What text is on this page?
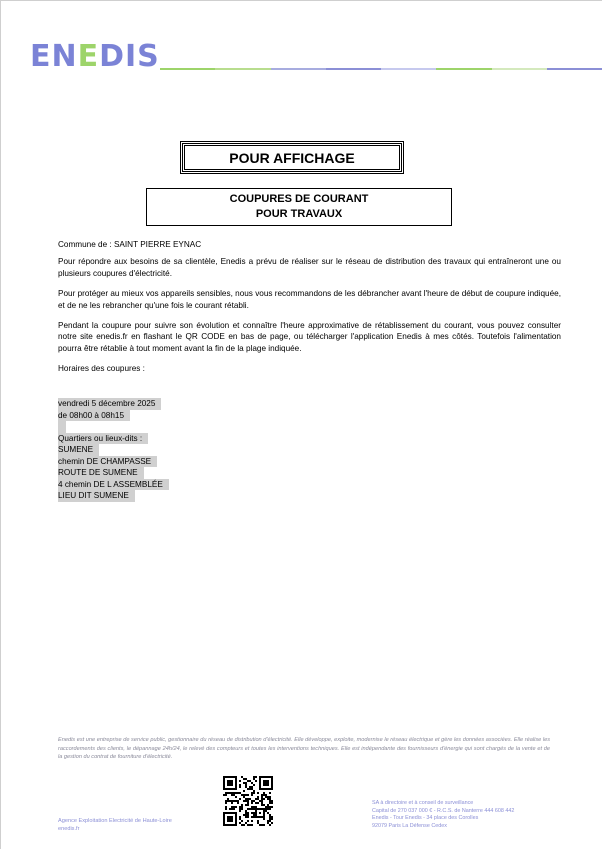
ENEDIS
POUR AFFICHAGE
COUPURES DE COURANT
POUR TRAVAUX

Commune de : SAINT PIERRE EYNAC

Pour répondre aux besoins de sa clientèle, Enedis a prévu de réaliser sur le réseau de distribution des travaux qui entraîneront une ou plusieurs coupures d'électricité.

Pour protéger au mieux vos appareils sensibles, nous vous recommandons de les débrancher avant l'heure de début de coupure indiquée, et de ne les rebrancher qu'une fois le courant rétabli.

Pendant la coupure pour suivre son évolution et connaître l'heure approximative de rétablissement du courant, vous pouvez consulter notre site enedis.fr en flashant le QR CODE en bas de page, ou télécharger l'application Enedis à mes côtés. Toutefois l'alimentation pourra être rétablie à tout moment avant la fin de la plage indiquée.

Horaires des coupures :

vendredi 5 décembre 2025
de 08h00 à 08h15

Quartiers ou lieux-dits :
SUMENE
chemin DE CHAMPASSE
ROUTE DE SUMENE
4 chemin DE L ASSEMBLÉE
LIEU DIT SUMENE
Enedis est une entreprise de service public, gestionnaire du réseau de distribution d'électricité. Elle développe, exploite, modernise le réseau électrique et gère les données associées. Elle réalise les raccordements des clients, le dépannage 24h/24, le relevé des compteurs et toutes les interventions techniques. Elle est indépendante des fournisseurs d'énergie qui sont chargés de la vente et de la gestion du contrat de fourniture d'électricité.
Agence Exploitation Electricité de Haute-Loire
enedis.fr
SA à directoire et à conseil de surveillance
Capital de 270 037 000 € - R.C.S. de Nanterre 444 608 442
Enedis - Tour Enedis - 34 place des Corolles
92079 Paris La Défense Cedex
